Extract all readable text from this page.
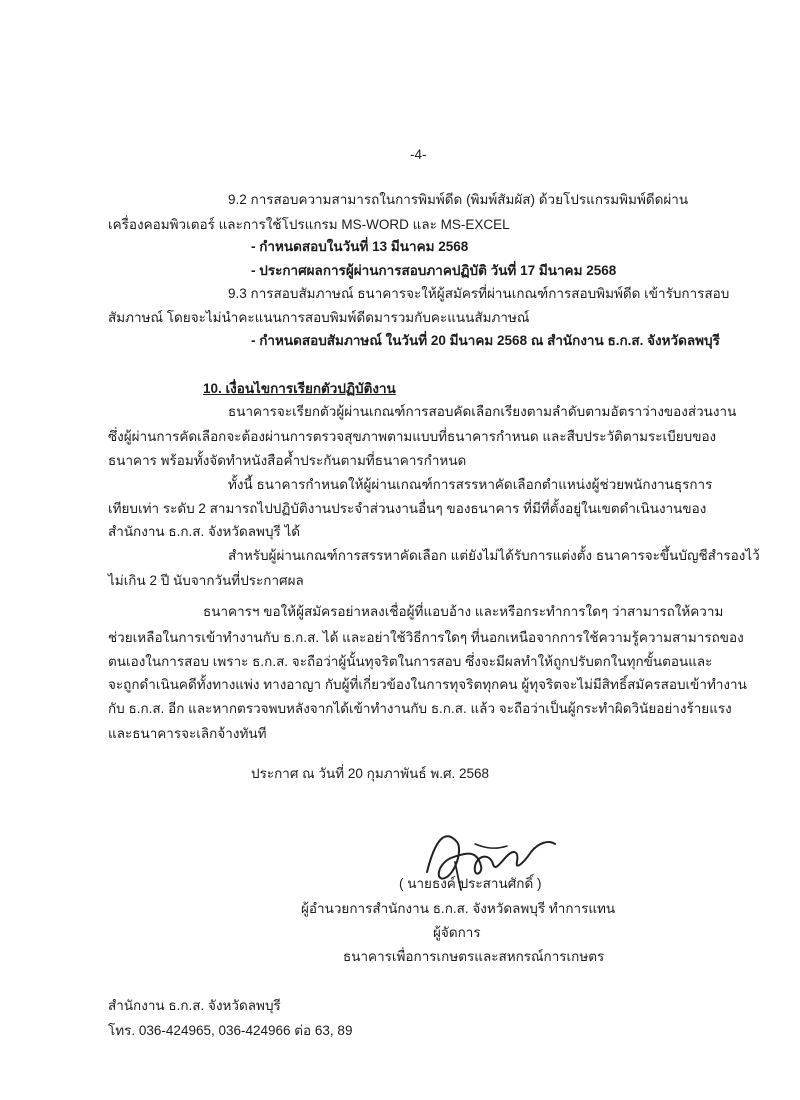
-4-
9.2 การสอบความสามารถในการพิมพ์ดีด (พิมพ์สัมผัส) ด้วยโปรแกรมพิมพ์ดีดผ่าน
เครื่องคอมพิวเตอร์ และการใช้โปรแกรม MS-WORD และ MS-EXCEL
- กำหนดสอบในวันที่ 13 มีนาคม 2568
- ประกาศผลการผู้ผ่านการสอบภาคปฏิบัติ วันที่ 17 มีนาคม 2568
9.3 การสอบสัมภาษณ์ ธนาคารจะให้ผู้สมัครที่ผ่านเกณฑ์การสอบพิมพ์ดีด เข้ารับการสอบ
สัมภาษณ์ โดยจะไม่นำคะแนนการสอบพิมพ์ดีดมารวมกับคะแนนสัมภาษณ์
- กำหนดสอบสัมภาษณ์ ในวันที่ 20 มีนาคม 2568 ณ สำนักงาน ธ.ก.ส. จังหวัดลพบุรี
10. เงื่อนไขการเรียกตัวปฏิบัติงาน
ธนาคารจะเรียกตัวผู้ผ่านเกณฑ์การสอบคัดเลือกเรียงตามลำดับตามอัตราว่างของส่วนงาน
ซึ่งผู้ผ่านการคัดเลือกจะต้องผ่านการตรวจสุขภาพตามแบบที่ธนาคารกำหนด และสืบประวัติตามระเบียบของ
ธนาคาร พร้อมทั้งจัดทำหนังสือค้ำประกันตามที่ธนาคารกำหนด
ทั้งนี้ ธนาคารกำหนดให้ผู้ผ่านเกณฑ์การสรรหาคัดเลือกตำแหน่งผู้ช่วยพนักงานธุรการ
เทียบเท่า ระดับ 2 สามารถไปปฏิบัติงานประจำส่วนงานอื่นๆ ของธนาคาร ที่มีที่ตั้งอยู่ในเขตดำเนินงานของ
สำนักงาน ธ.ก.ส. จังหวัดลพบุรี ได้
สำหรับผู้ผ่านเกณฑ์การสรรหาคัดเลือก แต่ยังไม่ได้รับการแต่งตั้ง ธนาคารจะขึ้นบัญชีสำรองไว้
ไม่เกิน 2 ปี นับจากวันที่ประกาศผล
ธนาคารฯ ขอให้ผู้สมัครอย่าหลงเชื่อผู้ที่แอบอ้าง และหรือกระทำการใดๆ ว่าสามารถให้ความ
ช่วยเหลือในการเข้าทำงานกับ ธ.ก.ส. ได้ และอย่าใช้วิธีการใดๆ ที่นอกเหนือจากการใช้ความรู้ความสามารถของ
ตนเองในการสอบ เพราะ ธ.ก.ส. จะถือว่าผู้นั้นทุจริตในการสอบ ซึ่งจะมีผลทำให้ถูกปรับตกในทุกขั้นตอนและ
จะถูกดำเนินคดีทั้งทางแพ่ง ทางอาญา กับผู้ที่เกี่ยวข้องในการทุจริตทุกคน ผู้ทุจริตจะไม่มีสิทธิ์สมัครสอบเข้าทำงาน
กับ ธ.ก.ส. อีก และหากตรวจพบหลังจากได้เข้าทำงานกับ ธ.ก.ส. แล้ว จะถือว่าเป็นผู้กระทำผิดวินัยอย่างร้ายแรง
และธนาคารจะเลิกจ้างทันที
ประกาศ ณ วันที่ 20 กุมภาพันธ์ พ.ศ. 2568
( นายธงค์ ประสานศักดิ์ )
ผู้อำนวยการสำนักงาน ธ.ก.ส. จังหวัดลพบุรี ทำการแทน
ผู้จัดการ
ธนาคารเพื่อการเกษตรและสหกรณ์การเกษตร
สำนักงาน ธ.ก.ส. จังหวัดลพบุรี
โทร. 036-424965, 036-424966 ต่อ 63, 89
